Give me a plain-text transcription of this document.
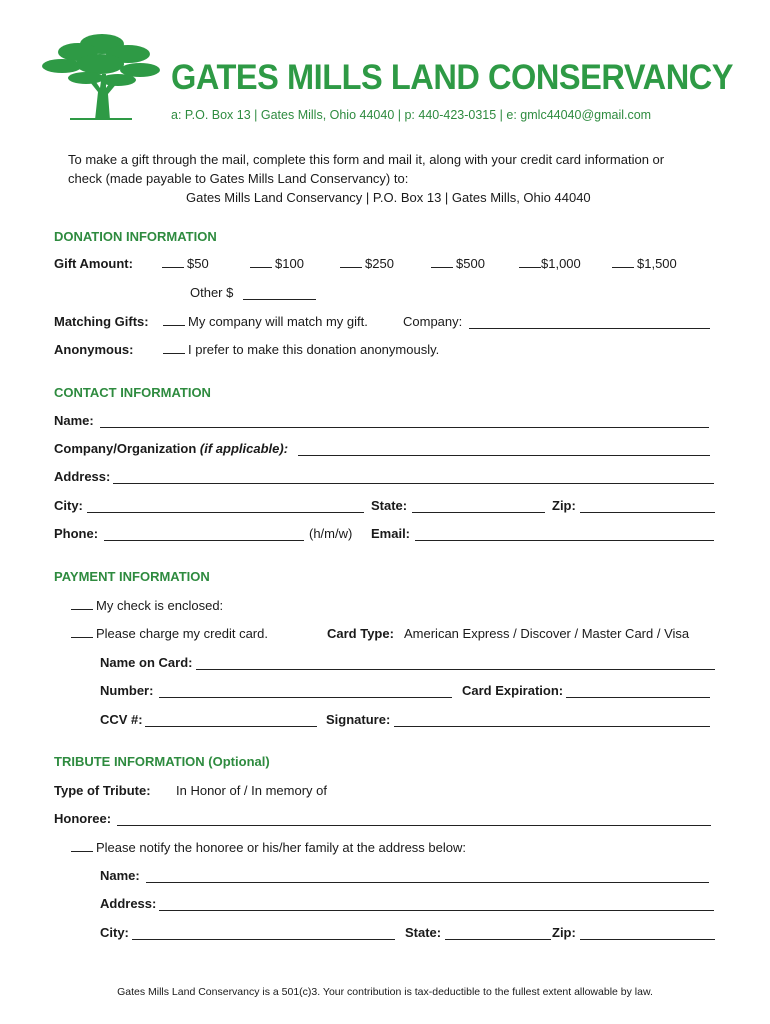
GATES MILLS LAND CONSERVANCY
a: P.O. Box 13 | Gates Mills, Ohio 44040 | p: 440-423-0315 | e: gmlc44040@gmail.com
To make a gift through the mail, complete this form and mail it, along with your credit card information or
check (made payable to Gates Mills Land Conservancy) to:
Gates Mills Land Conservancy | P.O. Box 13 | Gates Mills, Ohio 44040
DONATION INFORMATION
Gift Amount:	$50	$100	$250	$500	$1,000	$1,500
Other $
Matching Gifts:	My company will match my gift.	Company:
Anonymous:	I prefer to make this donation anonymously.
CONTACT INFORMATION
Name:
Company/Organization (if applicable):
Address:
City:	State:	Zip:
Phone:	(h/m/w) Email:
PAYMENT INFORMATION
My check is enclosed:
Please charge my credit card.	Card Type: American Express / Discover / Master Card / Visa
Name on Card:
Number:	Card Expiration:
CCV #:	Signature:
TRIBUTE INFORMATION (Optional)
Type of Tribute: In Honor of / In memory of
Honoree:
Please notify the honoree or his/her family at the address below:
Name:
Address:
City:	State:	Zip:
Gates Mills Land Conservancy is a 501(c)3. Your contribution is tax-deductible to the fullest extent allowable by law.
